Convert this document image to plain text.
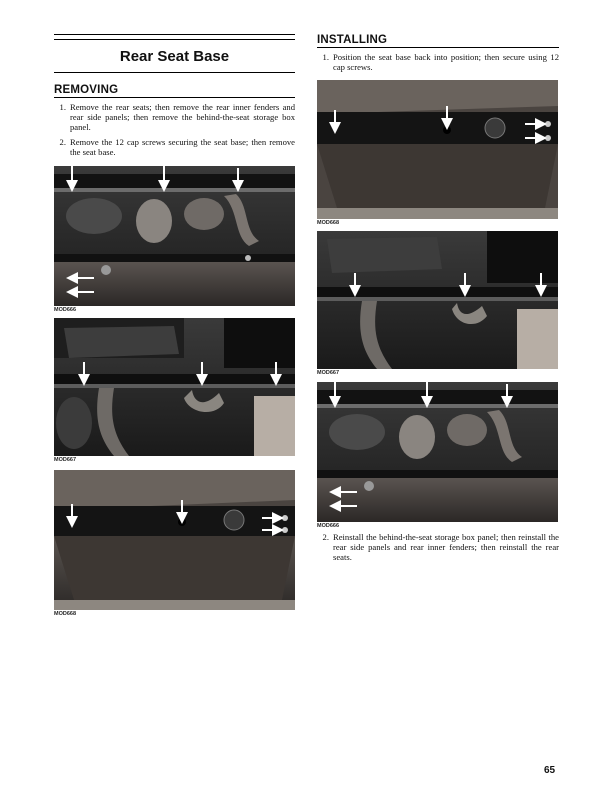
Rear Seat Base
REMOVING
1. Remove the rear seats; then remove the rear inner fenders and rear side panels; then remove the behind-the-seat storage box panel.
2. Remove the 12 cap screws securing the seat base; then remove the seat base.
MOD666
MOD667
MOD668
INSTALLING
1. Position the seat base back into position; then secure using 12 cap screws.
MOD668
MOD667
MOD666
2. Reinstall the behind-the-seat storage box panel; then reinstall the rear side panels and rear inner fenders; then reinstall the rear seats.
65
